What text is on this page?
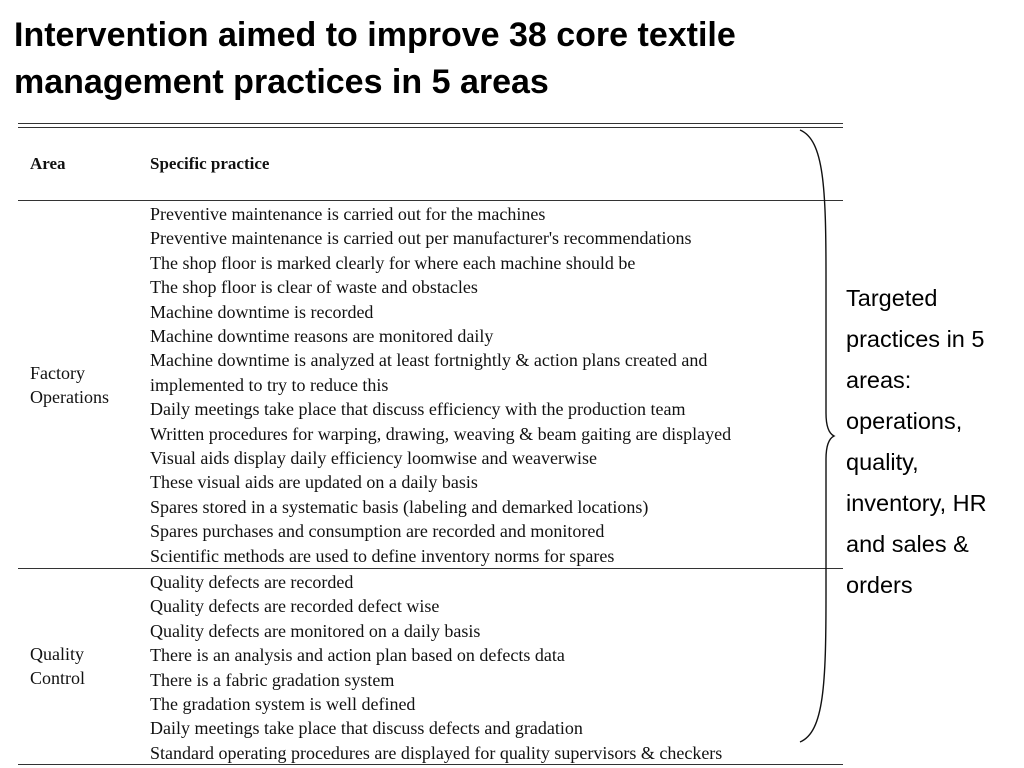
Intervention aimed to improve 38 core textile management practices in 5 areas
Area	Specific practice
Factory Operations
Preventive maintenance is carried out for the machines
Preventive maintenance is carried out per manufacturer's recommendations
The shop floor is marked clearly for where each machine should be
The shop floor is clear of waste and obstacles
Machine downtime is recorded
Machine downtime reasons are monitored daily
Machine downtime is analyzed at least fortnightly & action plans created and
implemented to try to reduce this
Daily meetings take place that discuss efficiency with the production team
Written procedures for warping, drawing, weaving & beam gaiting are displayed
Visual aids display daily efficiency loomwise and weaverwise
These visual aids are updated on a daily basis
Spares stored in a systematic basis (labeling and demarked locations)
Spares purchases and consumption are recorded and monitored
Scientific methods are used to define inventory norms for spares
Quality Control
Quality defects are recorded
Quality defects are recorded defect wise
Quality defects are monitored on a daily basis
There is an analysis and action plan based on defects data
There is a fabric gradation system
The gradation system is well defined
Daily meetings take place that discuss defects and gradation
Standard operating procedures are displayed for quality supervisors & checkers
Targeted practices in 5 areas: operations, quality, inventory, HR and sales & orders
